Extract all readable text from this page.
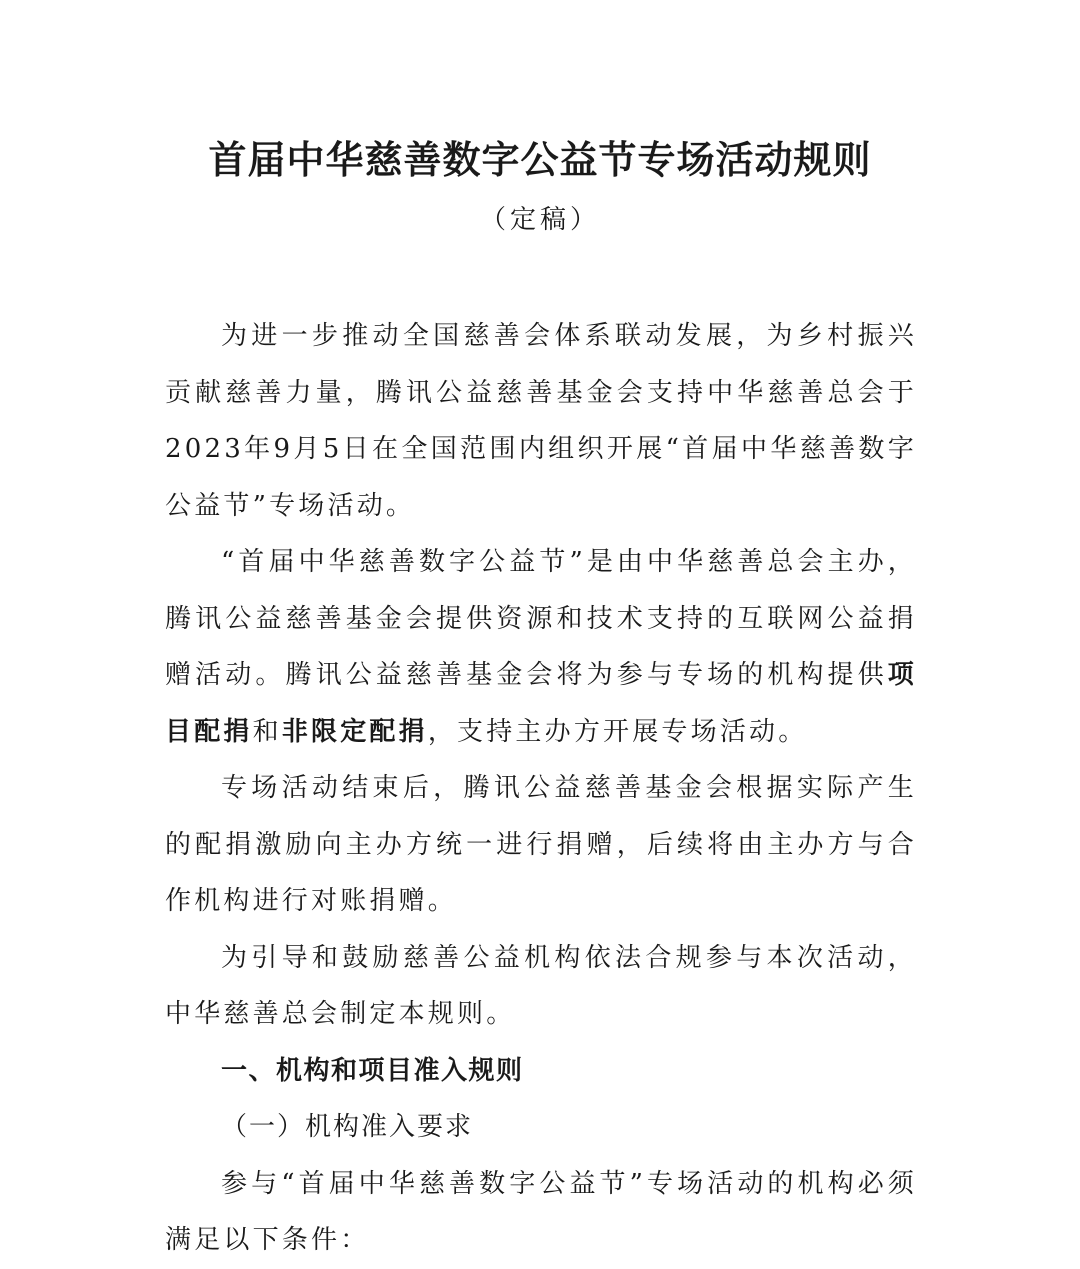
首届中华慈善数字公益节专场活动规则

（定稿）

为进一步推动全国慈善会体系联动发展，为乡村振兴贡献慈善力量，腾讯公益慈善基金会支持中华慈善总会于2023年9月5日在全国范围内组织开展“首届中华慈善数字公益节”专场活动。

“首届中华慈善数字公益节”是由中华慈善总会主办，腾讯公益慈善基金会提供资源和技术支持的互联网公益捐赠活动。腾讯公益慈善基金会将为参与专场的机构提供项目配捐和非限定配捐，支持主办方开展专场活动。

专场活动结束后，腾讯公益慈善基金会根据实际产生的配捐激励向主办方统一进行捐赠，后续将由主办方与合作机构进行对账捐赠。

为引导和鼓励慈善公益机构依法合规参与本次活动，中华慈善总会制定本规则。

一、机构和项目准入规则

（一）机构准入要求

参与“首届中华慈善数字公益节”专场活动的机构必须满足以下条件：
